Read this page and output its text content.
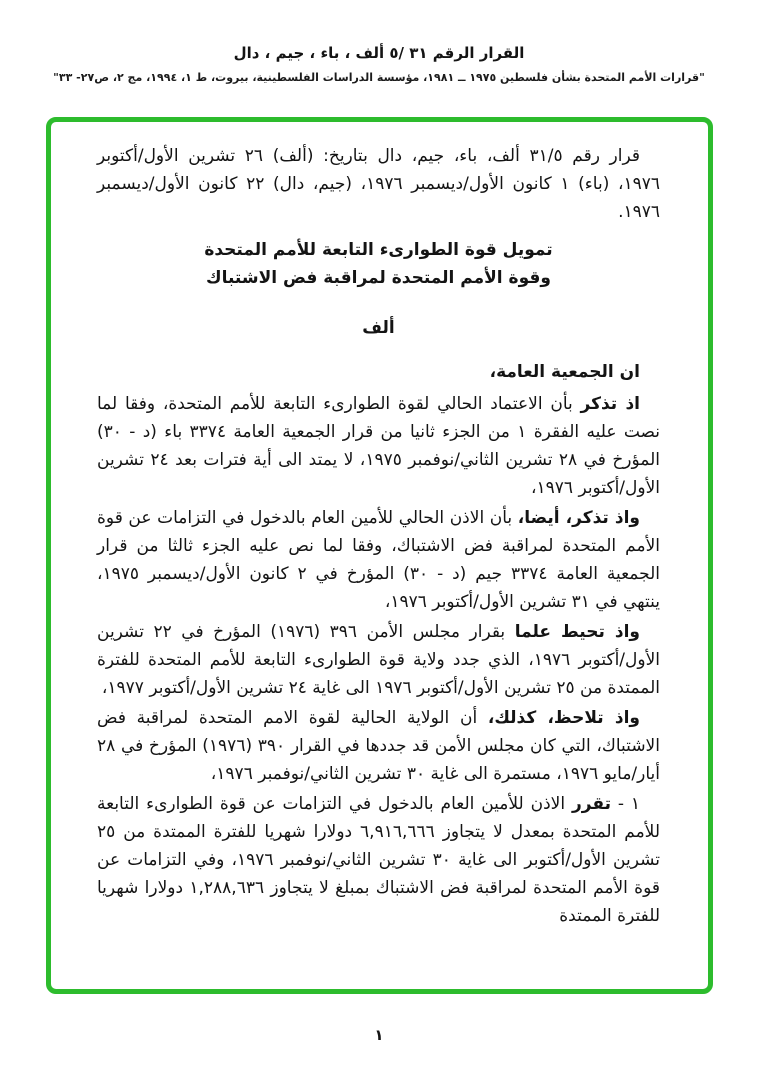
القرار الرقم ٣١ /٥ ألف ، باء ، جيم ، دال
"قرارات الأمم المتحدة بشأن فلسطين ١٩٧٥ ــ ١٩٨١، مؤسسة الدراسات الفلسطينية، بيروت، ط ١، ١٩٩٤، مج ٢، ص٢٧- ٣٣"

قرار رقم ٣١/٥ ألف، باء، جيم، دال بتاريخ: (ألف) ٢٦ تشرين الأول/أكتوبر ١٩٧٦، (باء) ١ كانون الأول/ديسمبر ١٩٧٦، (جيم، دال) ٢٢ كانون الأول/ديسمبر ١٩٧٦.

تمويل قوة الطوارىء التابعة للأمم المتحدة
وقوة الأمم المتحدة لمراقبة فض الاشتباك
ألف

ان الجمعية العامة،

اذ تذكر بأن الاعتماد الحالي لقوة الطوارىء التابعة للأمم المتحدة، وفقا لما نصت عليه الفقرة ١ من الجزء ثانيا من قرار الجمعية العامة ٣٣٧٤ باء (د - ٣٠) المؤرخ في ٢٨ تشرين الثاني/نوفمبر ١٩٧٥، لا يمتد الى أية فترات بعد ٢٤ تشرين الأول/أكتوبر ١٩٧٦،

واذ تذكر، أيضا، بأن الاذن الحالي للأمين العام بالدخول في التزامات عن قوة الأمم المتحدة لمراقبة فض الاشتباك، وفقا لما نص عليه الجزء ثالثا من قرار الجمعية العامة ٣٣٧٤ جيم (د - ٣٠) المؤرخ في ٢ كانون الأول/ديسمبر ١٩٧٥، ينتهي في ٣١ تشرين الأول/أكتوبر ١٩٧٦،

واذ تحيط علما بقرار مجلس الأمن ٣٩٦ (١٩٧٦) المؤرخ في ٢٢ تشرين الأول/أكتوبر ١٩٧٦، الذي جدد ولاية قوة الطوارىء التابعة للأمم المتحدة للفترة الممتدة من ٢٥ تشرين الأول/أكتوبر ١٩٧٦ الى غاية ٢٤ تشرين الأول/أكتوبر ١٩٧٧،

واذ تلاحظ، كذلك، أن الولاية الحالية لقوة الامم المتحدة لمراقبة فض الاشتباك، التي كان مجلس الأمن قد جددها في القرار ٣٩٠ (١٩٧٦) المؤرخ في ٢٨ أيار/مايو ١٩٧٦، مستمرة الى غاية ٣٠ تشرين الثاني/نوفمبر ١٩٧٦،

١ - تقرر الاذن للأمين العام بالدخول في التزامات عن قوة الطوارىء التابعة للأمم المتحدة بمعدل لا يتجاوز ٦,٩١٦,٦٦٦ دولارا شهريا للفترة الممتدة من ٢٥ تشرين الأول/أكتوبر الى غاية ٣٠ تشرين الثاني/نوفمبر ١٩٧٦، وفي التزامات عن قوة الأمم المتحدة لمراقبة فض الاشتباك بمبلغ لا يتجاوز ١,٢٨٨,٦٣٦ دولارا شهريا للفترة الممتدة

١
